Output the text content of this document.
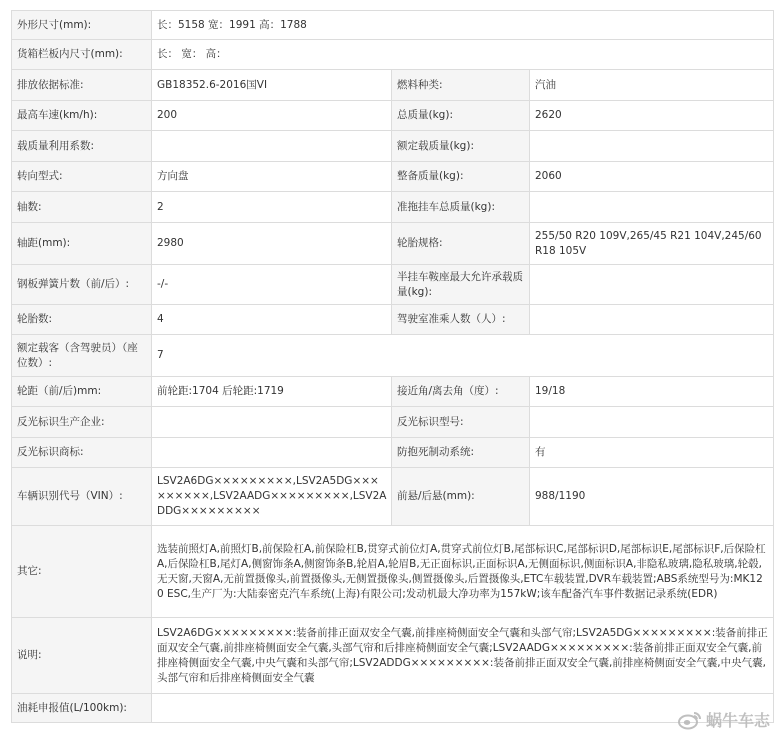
外形尺寸(mm):	长：5158 宽：1991 高：1788		
货箱栏板内尺寸(mm):	长： 宽： 高：		
排放依据标准:	GB18352.6-2016国VI	燃料种类:	汽油
最高车速(km/h):	200	总质量(kg):	2620
载质量利用系数:		额定载质量(kg):	
转向型式:	方向盘	整备质量(kg):	2060
轴数:	2	准拖挂车总质量(kg):	
轴距(mm):	2980	轮胎规格:	255/50 R20 109V,265/45 R21 104V,245/60 R18 105V
钢板弹簧片数（前/后）:	-/-	半挂车鞍座最大允许承载质量(kg):	
轮胎数:	4	驾驶室准乘人数（人）:	
额定载客（含驾驶员）（座位数）:	7		
轮距（前/后)mm:	前轮距:1704 后轮距:1719	接近角/离去角（度）:	19/18
反光标识生产企业:		反光标识型号:	
反光标识商标:		防抱死制动系统:	有
车辆识别代号（VIN）:	LSV2A6DG×××××××××,LSV2A5DG×××××××××,LSV2AADG×××××××××,LSV2ADDG×××××××××	前悬/后悬(mm):	988/1190
其它:	选装前照灯A,前照灯B,前保险杠A,前保险杠B,贯穿式前位灯A,贯穿式前位灯B,尾部标识C,尾部标识D,尾部标识E,尾部标识F,后保险杠A,后保险杠B,尾灯A,侧窗饰条A,侧窗饰条B,轮眉A,轮眉B,无正面标识,正面标识A,无侧面标识,侧面标识A,非隐私玻璃,隐私玻璃,轮毂,无天窗,天窗A,无前置摄像头,前置摄像头,无侧置摄像头,侧置摄像头,后置摄像头,ETC车载装置,DVR车载装置;ABS系统型号为:MK120 ESC,生产厂为:大陆泰密克汽车系统(上海)有限公司;发动机最大净功率为157kW;该车配备汽车事件数据记录系统(EDR)		
说明:	LSV2A6DG×××××××××:装备前排正面双安全气囊,前排座椅侧面安全气囊和头部气帘;LSV2A5DG×××××××××:装备前排正面双安全气囊,前排座椅侧面安全气囊,头部气帘和后排座椅侧面安全气囊;LSV2AADG×××××××××:装备前排正面双安全气囊,前排座椅侧面安全气囊,中央气囊和头部气帘;LSV2ADDG×××××××××:装备前排正面双安全气囊,前排座椅侧面安全气囊,中央气囊,头部气帘和后排座椅侧面安全气囊		
油耗申报值(L/100km):			
蜗牛车志
